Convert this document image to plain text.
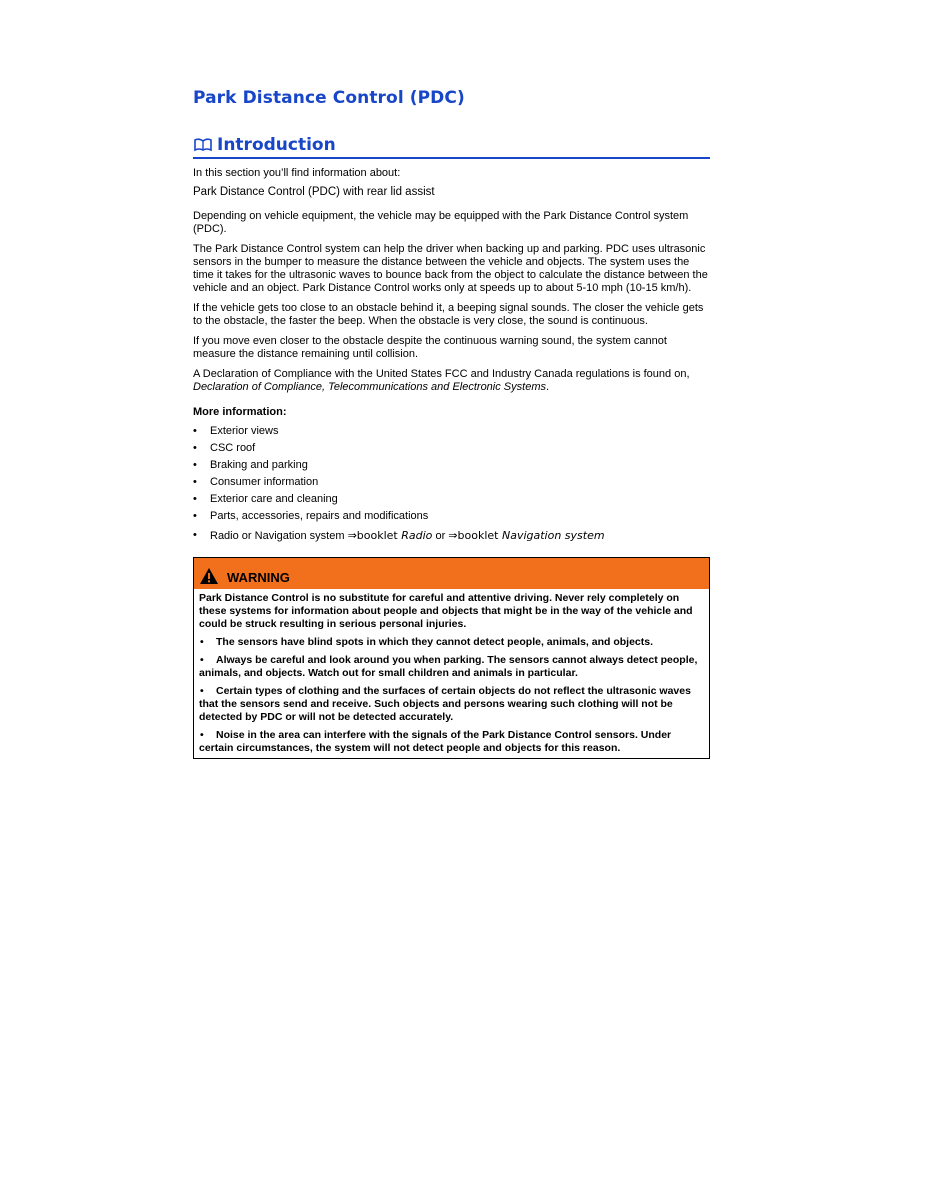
Park Distance Control (PDC)
Introduction

In this section you’ll find information about:

Park Distance Control (PDC) with rear lid assist

Depending on vehicle equipment, the vehicle may be equipped with the Park Distance Control system (PDC).

The Park Distance Control system can help the driver when backing up and parking. PDC uses ultrasonic sensors in the bumper to measure the distance between the vehicle and objects. The system uses the time it takes for the ultrasonic waves to bounce back from the object to calculate the distance between the vehicle and an object. Park Distance Control works only at speeds up to about 5-10 mph (10-15 km/h).

If the vehicle gets too close to an obstacle behind it, a beeping signal sounds. The closer the vehicle gets to the obstacle, the faster the beep. When the obstacle is very close, the sound is continuous.

If you move even closer to the obstacle despite the continuous warning sound, the system cannot measure the distance remaining until collision.

A Declaration of Compliance with the United States FCC and Industry Canada regulations is found on,
Declaration of Compliance, Telecommunications and Electronic Systems.

More information:

• Exterior views
• CSC roof
• Braking and parking
• Consumer information
• Exterior care and cleaning
• Parts, accessories, repairs and modifications
• Radio or Navigation system ⇒booklet Radio or ⇒booklet Navigation system
WARNING

Park Distance Control is no substitute for careful and attentive driving. Never rely completely on these systems for information about people and objects that might be in the way of the vehicle and could be struck resulting in serious personal injuries.

• The sensors have blind spots in which they cannot detect people, animals, and objects.

• Always be careful and look around you when parking. The sensors cannot always detect people, animals, and objects. Watch out for small children and animals in particular.

• Certain types of clothing and the surfaces of certain objects do not reflect the ultrasonic waves that the sensors send and receive. Such objects and persons wearing such clothing will not be detected by PDC or will not be detected accurately.

• Noise in the area can interfere with the signals of the Park Distance Control sensors. Under certain circumstances, the system will not detect people and objects for this reason.
